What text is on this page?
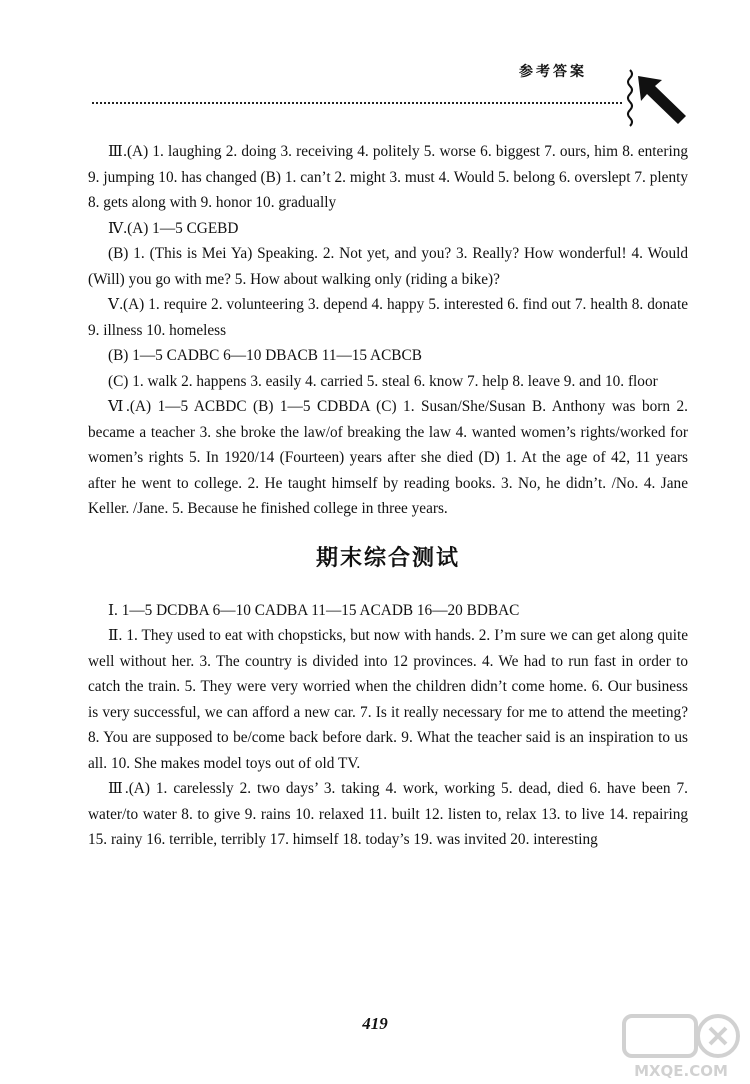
参考答案

Ⅲ.(A) 1. laughing 2. doing 3. receiving 4. politely 5. worse 6. biggest 7. ours, him 8. entering 9. jumping 10. has changed (B) 1. can’t 2. might 3. must 4. Would 5. belong 6. overslept 7. plenty 8. gets along with 9. honor 10. gradually

Ⅳ.(A) 1—5 CGEBD

(B) 1. (This is Mei Ya) Speaking. 2. Not yet, and you? 3. Really? How wonderful! 4. Would (Will) you go with me? 5. How about walking only (riding a bike)?

Ⅴ.(A) 1. require 2. volunteering 3. depend 4. happy 5. interested 6. find out 7. health 8. donate 9. illness 10. homeless

(B) 1—5 CADBC 6—10 DBACB 11—15 ACBCB

(C) 1. walk 2. happens 3. easily 4. carried 5. steal 6. know 7. help 8. leave 9. and 10. floor

Ⅵ.(A) 1—5 ACBDC (B) 1—5 CDBDA (C) 1. Susan/She/Susan B. Anthony was born 2. became a teacher 3. she broke the law/of breaking the law 4. wanted women’s rights/worked for women’s rights 5. In 1920/14 (Fourteen) years after she died (D) 1. At the age of 42, 11 years after he went to college. 2. He taught himself by reading books. 3. No, he didn’t. /No. 4. Jane Keller. /Jane. 5. Because he finished college in three years.

期末综合测试

Ⅰ. 1—5 DCDBA 6—10 CADBA 11—15 ACADB 16—20 BDBAC

Ⅱ. 1. They used to eat with chopsticks, but now with hands. 2. I’m sure we can get along quite well without her. 3. The country is divided into 12 provinces. 4. We had to run fast in order to catch the train. 5. They were very worried when the children didn’t come home. 6. Our business is very successful, we can afford a new car. 7. Is it really necessary for me to attend the meeting? 8. You are supposed to be/come back before dark. 9. What the teacher said is an inspiration to us all. 10. She makes model toys out of old TV.

Ⅲ.(A) 1. carelessly 2. two days’ 3. taking 4. work, working 5. dead, died 6. have been 7. water/to water 8. to give 9. rains 10. relaxed 11. built 12. listen to, relax 13. to live 14. repairing 15. rainy 16. terrible, terribly 17. himself 18. today’s 19. was invited 20. interesting

419
MXQE.COM
